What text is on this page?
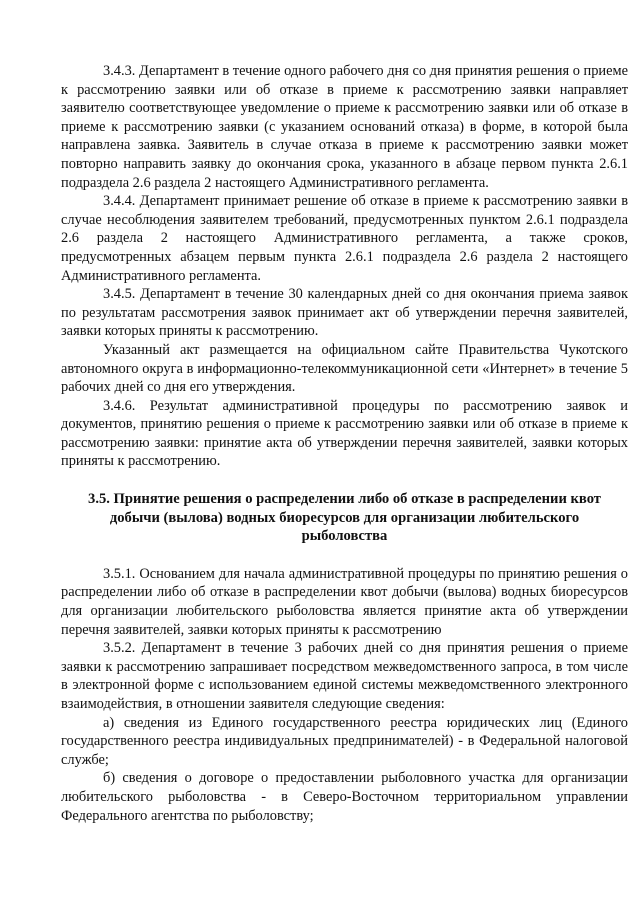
3.4.3. Департамент в течение одного рабочего дня со дня принятия решения о приеме к рассмотрению заявки или об отказе в приеме к рассмотрению заявки направляет заявителю соответствующее уведомление о приеме к рассмотрению заявки или об отказе в приеме к рассмотрению заявки (с указанием оснований отказа) в форме, в которой была направлена заявка. Заявитель в случае отказа в приеме к рассмотрению заявки может повторно направить заявку до окончания срока, указанного в абзаце первом пункта 2.6.1 подраздела 2.6 раздела 2 настоящего Административного регламента.

3.4.4. Департамент принимает решение об отказе в приеме к рассмотрению заявки в случае несоблюдения заявителем требований, предусмотренных пунктом 2.6.1 подраздела 2.6 раздела 2 настоящего Административного регламента, а также сроков, предусмотренных абзацем первым пункта 2.6.1 подраздела 2.6 раздела 2 настоящего Административного регламента.

3.4.5. Департамент в течение 30 календарных дней со дня окончания приема заявок по результатам рассмотрения заявок принимает акт об утверждении перечня заявителей, заявки которых приняты к рассмотрению.

Указанный акт размещается на официальном сайте Правительства Чукотского автономного округа в информационно-телекоммуникационной сети «Интернет» в течение 5 рабочих дней со дня его утверждения.

3.4.6. Результат административной процедуры по рассмотрению заявок и документов, принятию решения о приеме к рассмотрению заявки или об отказе в приеме к рассмотрению заявки: принятие акта об утверждении перечня заявителей, заявки которых приняты к рассмотрению.

3.5. Принятие решения о распределении либо об отказе в распределении квот добычи (вылова) водных биоресурсов для организации любительского рыболовства

3.5.1. Основанием для начала административной процедуры по принятию решения о распределении либо об отказе в распределении квот добычи (вылова) водных биоресурсов для организации любительского рыболовства является принятие акта об утверждении перечня заявителей, заявки которых приняты к рассмотрению

3.5.2. Департамент в течение 3 рабочих дней со дня принятия решения о приеме заявки к рассмотрению запрашивает посредством межведомственного запроса, в том числе в электронной форме с использованием единой системы межведомственного электронного взаимодействия, в отношении заявителя следующие сведения:

а) сведения из Единого государственного реестра юридических лиц (Единого государственного реестра индивидуальных предпринимателей) - в Федеральной налоговой службе;

б) сведения о договоре о предоставлении рыболовного участка для организации любительского рыболовства - в Северо-Восточном территориальном управлении Федерального агентства по рыболовству;
